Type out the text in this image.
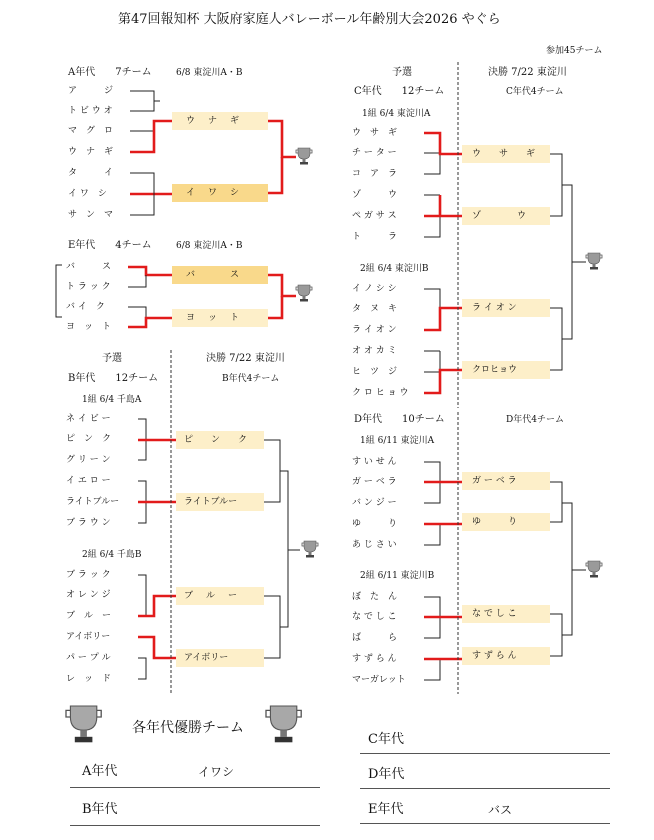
第47回報知杯 大阪府家庭人バレーボール年齢別大会2026 やぐら
参加45チーム
A年代　　7チーム	6/8 東淀川A・B
ア　　　ジ
ト ビ ウ オ
マ　グ　ロ
ウ　ナ　ギ
タ　　　イ
イ ワ　シ
サ　ン　マ
ウ　ナ　ギ
イ　ワ　シ
E年代　　4チーム	6/8 東淀川A・B
バ　　　ス
ト ラ ッ ク
バ イ　ク
ヨ　ッ　ト
バ　　　ス
ヨ　ッ　ト
予選	決勝 7/22 東淀川
B年代　　12チーム	B年代4チーム
1組 6/4 千島A
ネ イ ビ ー
ピ　ン　ク
グ リ ー ン
イ エ ロ ー
ライトブルー
ブ ラ ウ ン
2組 6/4 千島B
ブ ラ ッ ク
オ レ ン ジ
ブ　ル　ー
アイボリー
パ ー プ ル
レ　ッ　ド
ピ　　ン　　ク
ライトブルー
ブ　ル　ー
アイボリー
予選	決勝 7/22 東淀川
C年代　　12チーム	C年代4チーム
1組 6/4 東淀川A
ウ　サ　ギ
チ ー タ ー
コ　ア　ラ
ゾ　　　ウ
ペ ガ サ ス
ト　　　ラ
2組 6/4 東淀川B
イ ノ シ シ
タ　ヌ　キ
ラ イ オ ン
オ オ カ ミ
ヒ　ツ　ジ
ク ロ ヒ ョ ウ
ウ　　サ　　ギ
ゾ　　　　ウ
ラ イ オ ン
クロヒョウ
D年代　　10チーム	D年代4チーム
1組 6/11 東淀川A
す い せ ん
ガ ー ベ ラ
バ ン ジ ー
ゆ　　　り
あ じ さ い
2組 6/11 東淀川B
ぼ　た　ん
な で し こ
ば　　　ら
す ず ら ん
マーガレット
ガ ー ベ ラ
ゆ　　　り
な で し こ
す ず ら ん
各年代優勝チーム
A年代	イワシ
B年代
C年代
D年代
E年代	バス
